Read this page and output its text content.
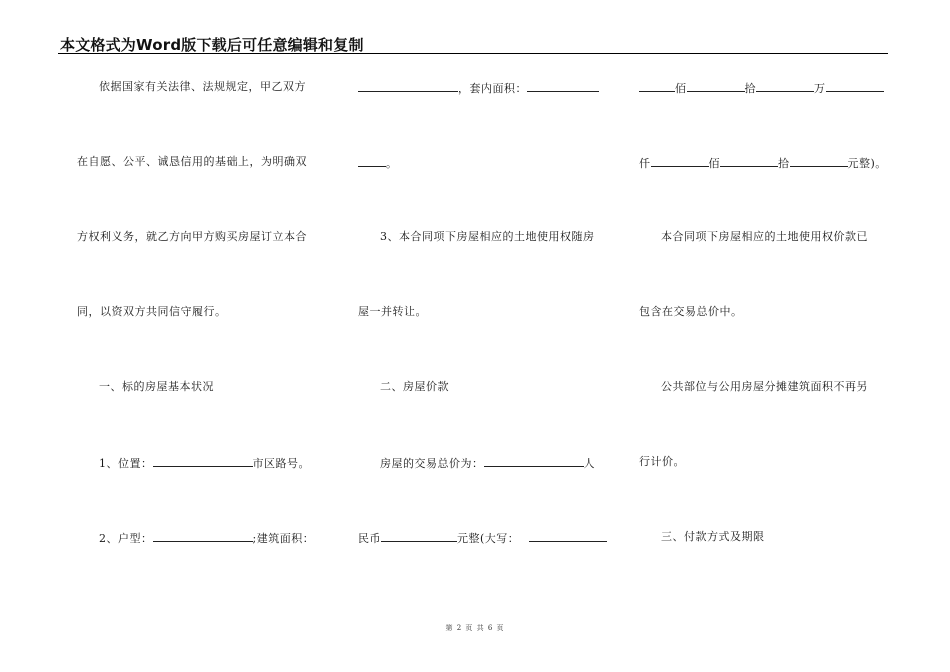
本文格式为Word版下载后可任意编辑和复制
依据国家有关法律、法规规定，甲乙双方
在自愿、公平、诚恳信用的基础上，为明确双
方权利义务，就乙方向甲方购买房屋订立本合
同，以资双方共同信守履行。
一、标的房屋基本状况
1、位置：	市区路号。
2、户型：	;建筑面积：
，套内面积：
。
3、本合同项下房屋相应的土地使用权随房
屋一并转让。
二、房屋价款
房屋的交易总价为：	人
民币	元整(大写：
佰	拾	万
仟	佰	拾	元整)。
本合同项下房屋相应的土地使用权价款已
包含在交易总价中。
公共部位与公用房屋分摊建筑面积不再另
行计价。
三、付款方式及期限
第 2 页 共 6 页
